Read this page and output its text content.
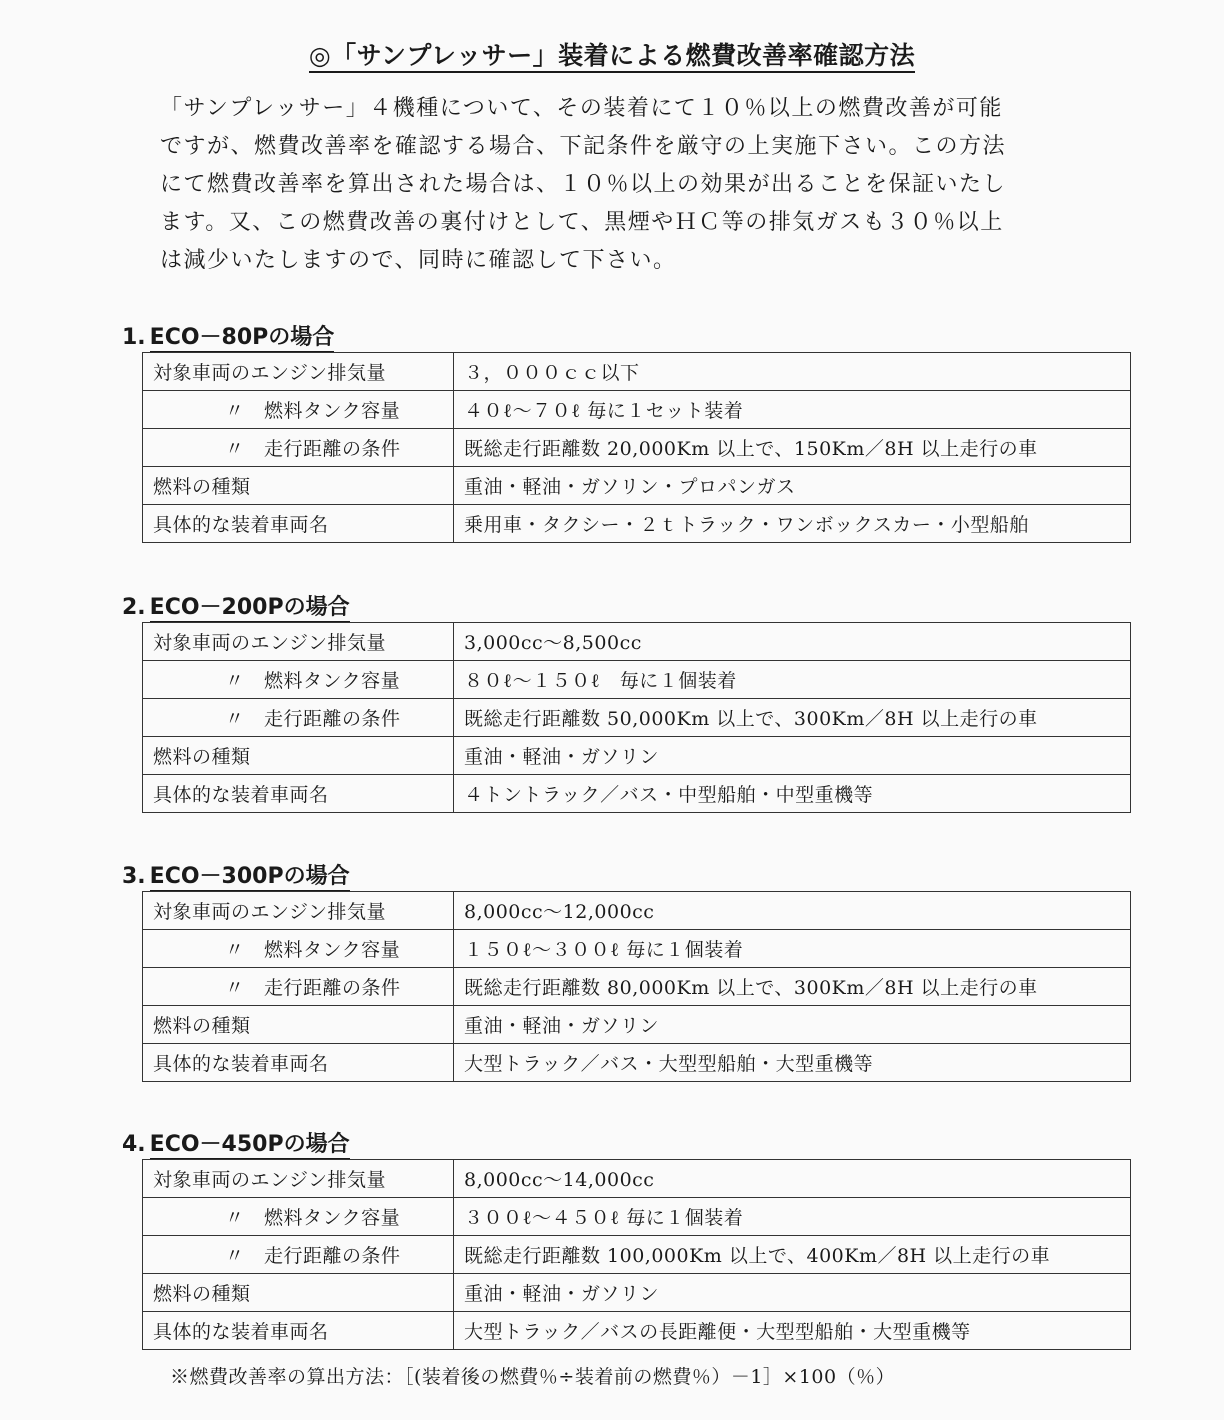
◎「サンプレッサー」装着による燃費改善率確認方法
「サンプレッサー」４機種について、その装着にて１０％以上の燃費改善が可能
ですが、燃費改善率を確認する場合、下記条件を厳守の上実施下さい。この方法
にて燃費改善率を算出された場合は、１０％以上の効果が出ることを保証いたし
ます。又、この燃費改善の裏付けとして、黒煙やＨＣ等の排気ガスも３０％以上
は減少いたしますので、同時に確認して下さい。
1. ECO－80Pの場合
対象車両のエンジン排気量	３，０００ｃｃ以下
〃　燃料タンク容量	４０ℓ～７０ℓ 毎に１セット装着
〃　走行距離の条件	既総走行距離数 20,000Km 以上で、150Km／8H 以上走行の車
燃料の種類	重油・軽油・ガソリン・プロパンガス
具体的な装着車両名	乗用車・タクシー・２ｔトラック・ワンボックスカー・小型船舶
2. ECO－200Pの場合
対象車両のエンジン排気量	3,000cc～8,500cc
〃　燃料タンク容量	８０ℓ～１５０ℓ　毎に１個装着
〃　走行距離の条件	既総走行距離数 50,000Km 以上で、300Km／8H 以上走行の車
燃料の種類	重油・軽油・ガソリン
具体的な装着車両名	４トントラック／バス・中型船舶・中型重機等
3. ECO－300Pの場合
対象車両のエンジン排気量	8,000cc～12,000cc
〃　燃料タンク容量	１５０ℓ～３００ℓ 毎に１個装着
〃　走行距離の条件	既総走行距離数 80,000Km 以上で、300Km／8H 以上走行の車
燃料の種類	重油・軽油・ガソリン
具体的な装着車両名	大型トラック／バス・大型型船舶・大型重機等
4. ECO－450Pの場合
対象車両のエンジン排気量	8,000cc～14,000cc
〃　燃料タンク容量	３００ℓ～４５０ℓ 毎に１個装着
〃　走行距離の条件	既総走行距離数 100,000Km 以上で、400Km／8H 以上走行の車
燃料の種類	重油・軽油・ガソリン
具体的な装着車両名	大型トラック／バスの長距離便・大型型船舶・大型重機等
※燃費改善率の算出方法：［(装着後の燃費％÷装着前の燃費％）－1］×100（％）
